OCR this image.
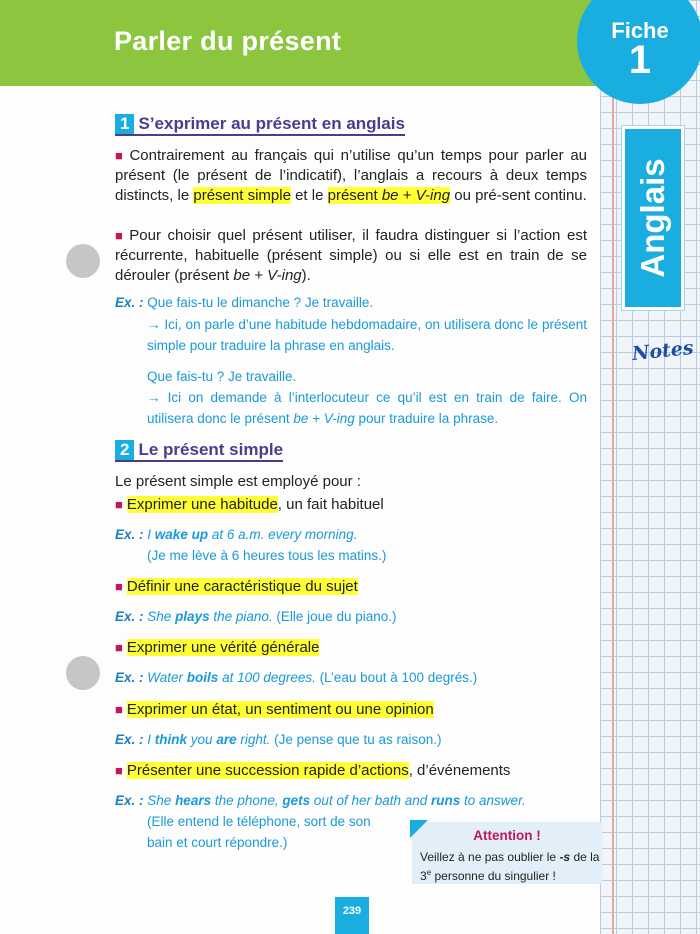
Parler du présent	Fiche
1
Anglais
Notes
1 S’exprimer au présent en anglais
■ Contrairement au français qui n’utilise qu’un temps pour parler au présent (le présent de l’indicatif), l’anglais a recours à deux temps distincts, le présent simple et le présent be + V-ing ou pré-sent continu.
■ Pour choisir quel présent utiliser, il faudra distinguer si l’action est récurrente, habituelle (présent simple) ou si elle est en train de se dérouler (présent be + V-ing).
Ex. : Que fais-tu le dimanche ? Je travaille.
→ Ici, on parle d’une habitude hebdomadaire, on utilisera donc le présent simple pour traduire la phrase en anglais.
Que fais-tu ? Je travaille.
→ Ici on demande à l’interlocuteur ce qu’il est en train de faire. On utilisera donc le présent be + V-ing pour traduire la phrase.
2 Le présent simple
Le présent simple est employé pour :
■ Exprimer une habitude, un fait habituel
Ex. : I wake up at 6 a.m. every morning.
(Je me lève à 6 heures tous les matins.)
■ Définir une caractéristique du sujet
Ex. : She plays the piano. (Elle joue du piano.)
■ Exprimer une vérité générale
Ex. : Water boils at 100 degrees. (L’eau bout à 100 degrés.)
■ Exprimer un état, un sentiment ou une opinion
Ex. : I think you are right. (Je pense que tu as raison.)
■ Présenter une succession rapide d’actions, d’événements
Ex. : She hears the phone, gets out of her bath and runs to answer.
(Elle entend le téléphone, sort de son
bain et court répondre.)	Attention !
Veillez à ne pas oublier le -s de la 3e personne du singulier !
239
